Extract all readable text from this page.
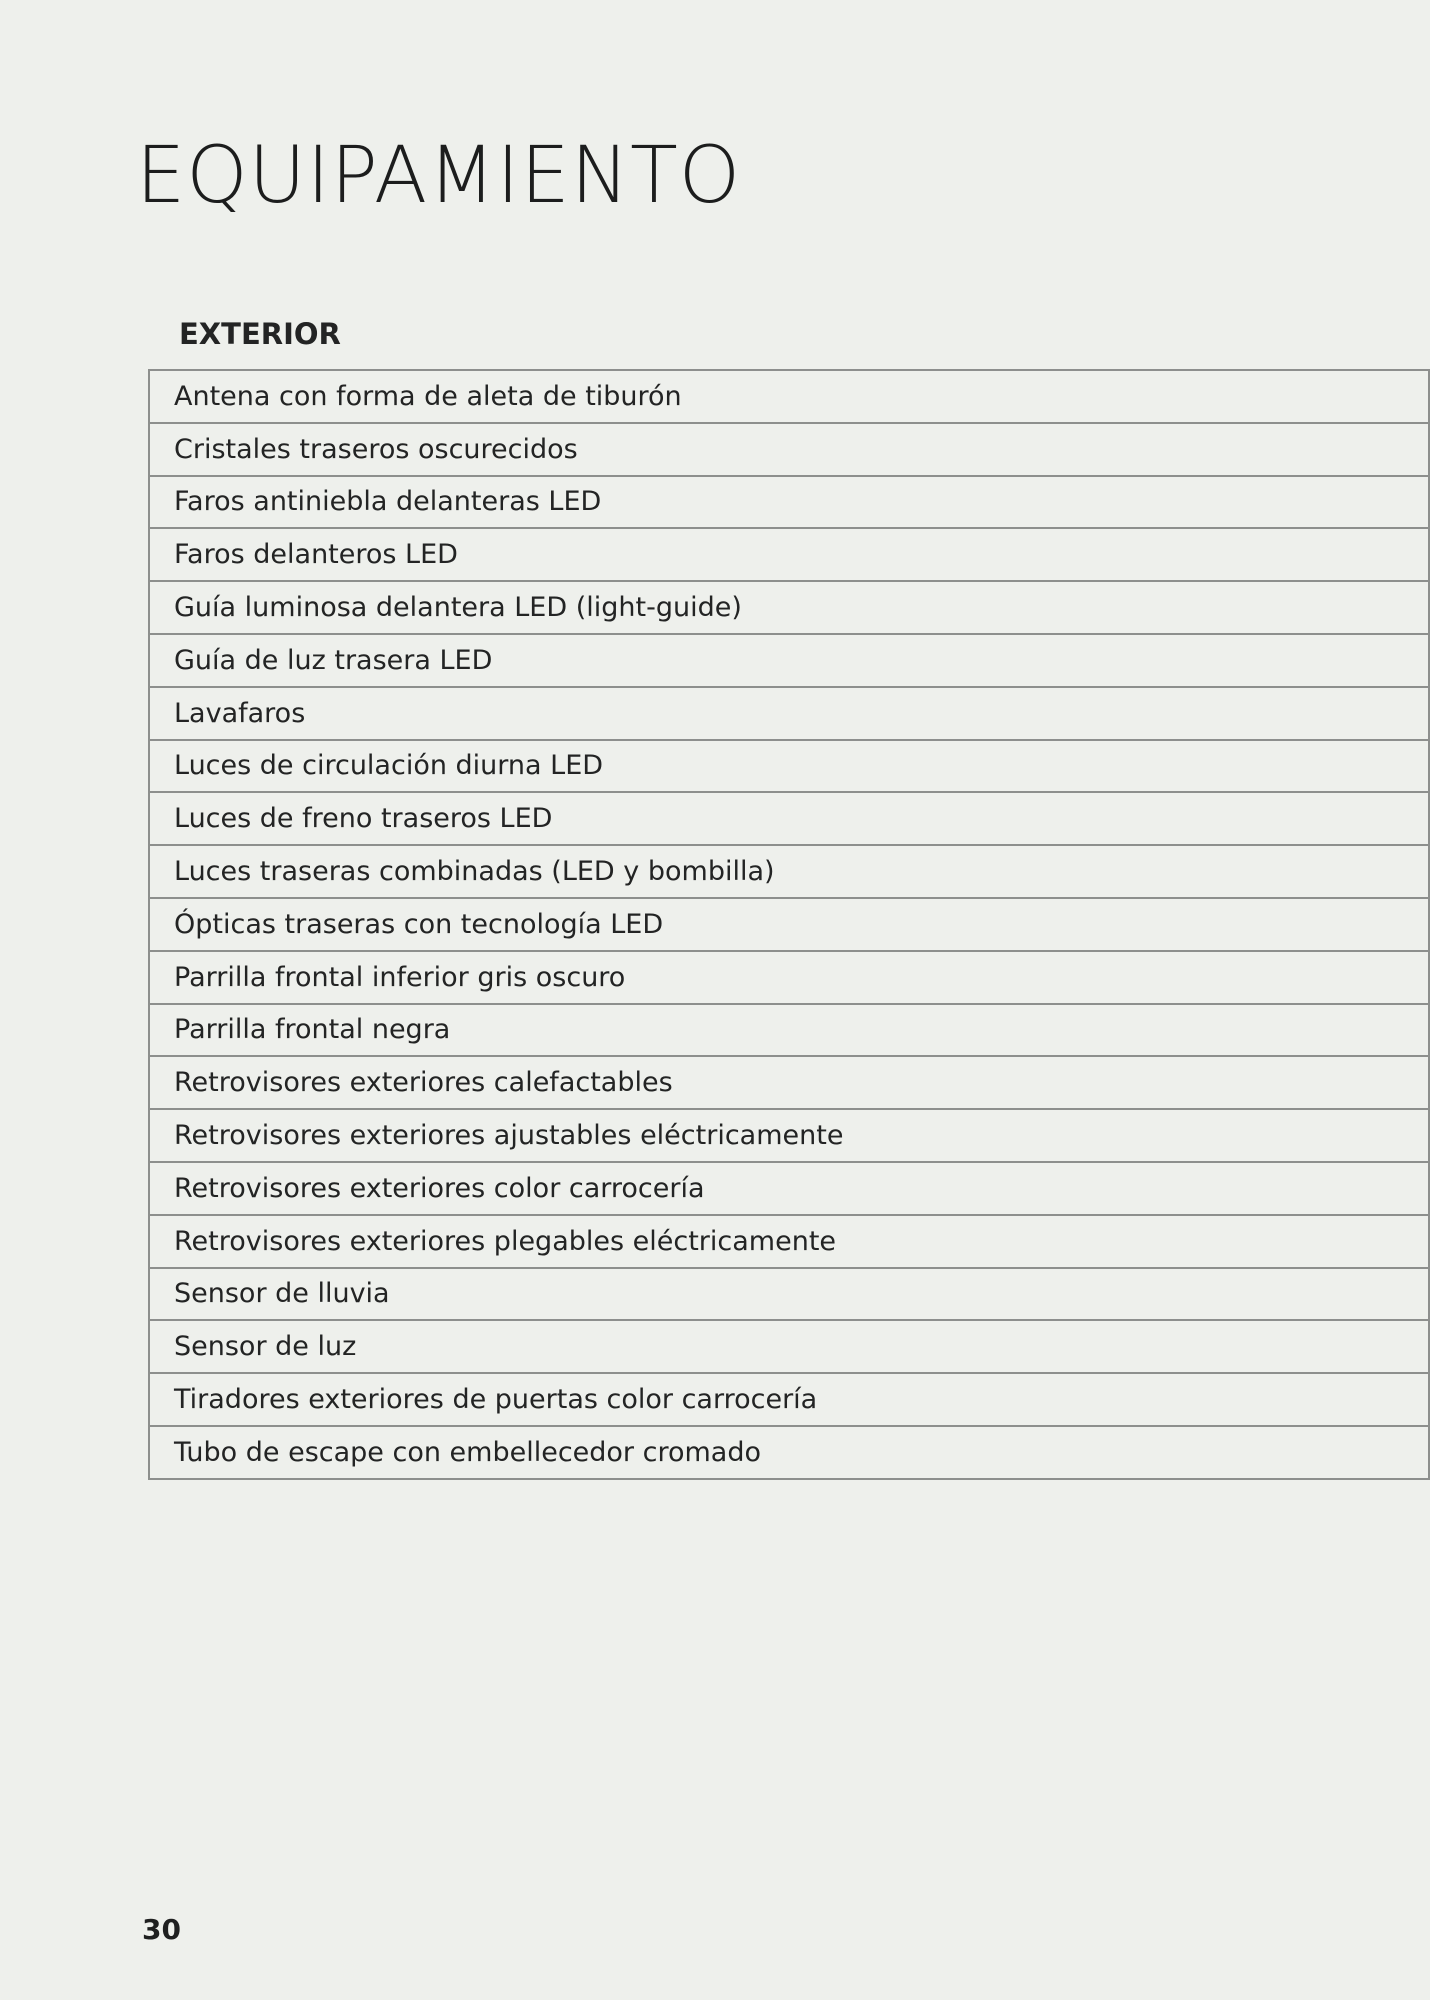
EQUIPAMIENTO
EXTERIOR
Antena con forma de aleta de tiburón
Cristales traseros oscurecidos
Faros antiniebla delanteras LED
Faros delanteros LED
Guía luminosa delantera LED (light-guide)
Guía de luz trasera LED
Lavafaros
Luces de circulación diurna LED
Luces de freno traseros LED
Luces traseras combinadas (LED y bombilla)
Ópticas traseras con tecnología LED
Parrilla frontal inferior gris oscuro
Parrilla frontal negra
Retrovisores exteriores calefactables
Retrovisores exteriores ajustables eléctricamente
Retrovisores exteriores color carrocería
Retrovisores exteriores plegables eléctricamente
Sensor de lluvia
Sensor de luz
Tiradores exteriores de puertas color carrocería
Tubo de escape con embellecedor cromado
30
